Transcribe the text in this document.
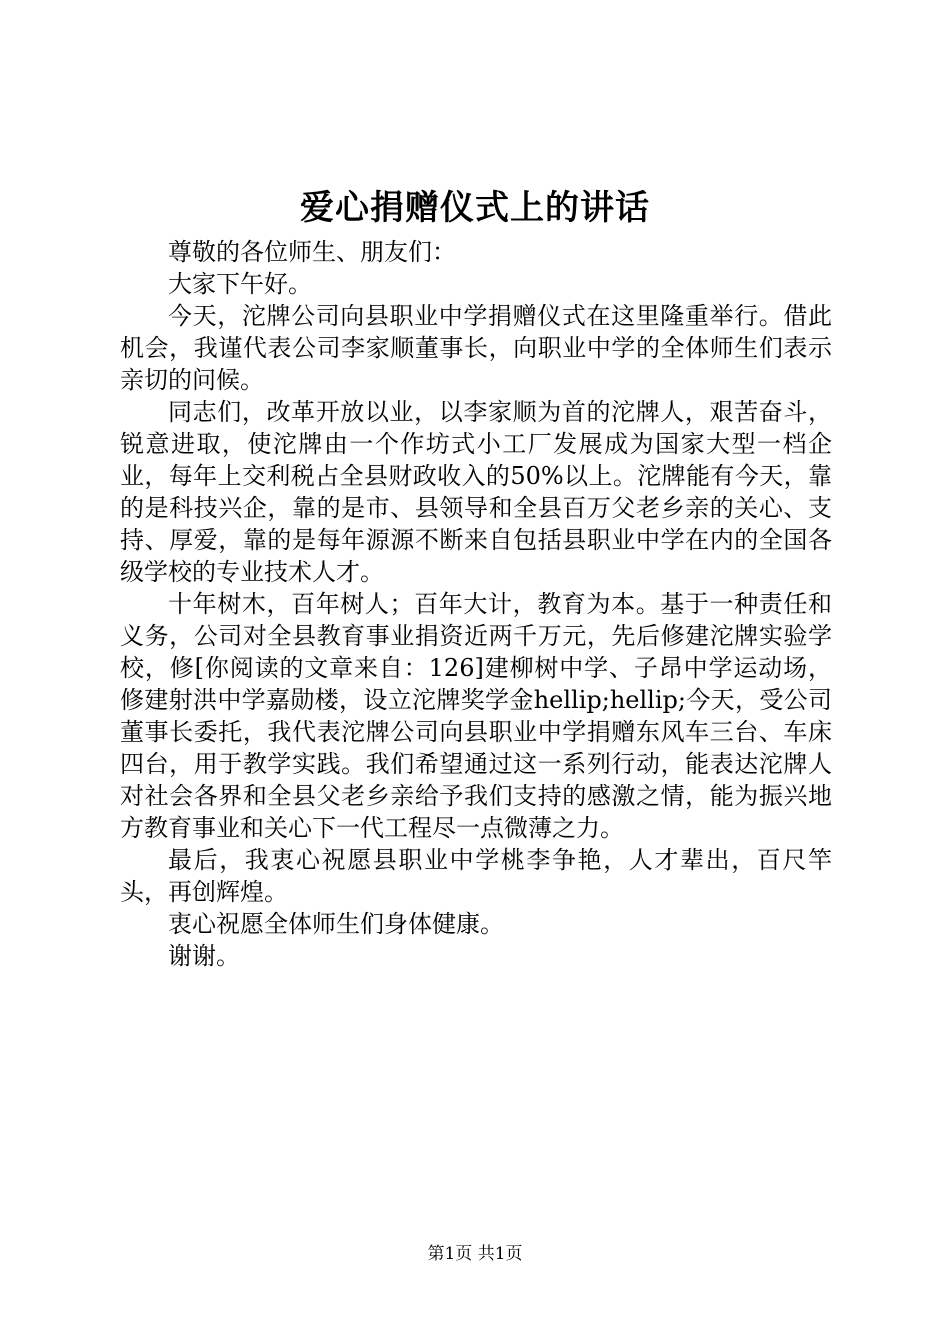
爱心捐赠仪式上的讲话

尊敬的各位师生、朋友们：

大家下午好。

今天，沱牌公司向县职业中学捐赠仪式在这里隆重举行。借此机会，我谨代表公司李家顺董事长，向职业中学的全体师生们表示亲切的问候。

同志们，改革开放以业，以李家顺为首的沱牌人，艰苦奋斗，锐意进取，使沱牌由一个作坊式小工厂发展成为国家大型一档企业，每年上交利税占全县财政收入的50%以上。沱牌能有今天，靠的是科技兴企，靠的是市、县领导和全县百万父老乡亲的关心、支持、厚爱，靠的是每年源源不断来自包括县职业中学在内的全国各级学校的专业技术人才。

十年树木，百年树人；百年大计，教育为本。基于一种责任和义务，公司对全县教育事业捐资近两千万元，先后修建沱牌实验学校，修[你阅读的文章来自：126]建柳树中学、子昂中学运动场，修建射洪中学嘉勋楼，设立沱牌奖学金hellip;hellip;今天，受公司董事长委托，我代表沱牌公司向县职业中学捐赠东风车三台、车床四台，用于教学实践。我们希望通过这一系列行动，能表达沱牌人对社会各界和全县父老乡亲给予我们支持的感激之情，能为振兴地方教育事业和关心下一代工程尽一点微薄之力。

最后，我衷心祝愿县职业中学桃李争艳，人才辈出，百尺竿头，再创辉煌。

衷心祝愿全体师生们身体健康。

谢谢。

第1页 共1页
